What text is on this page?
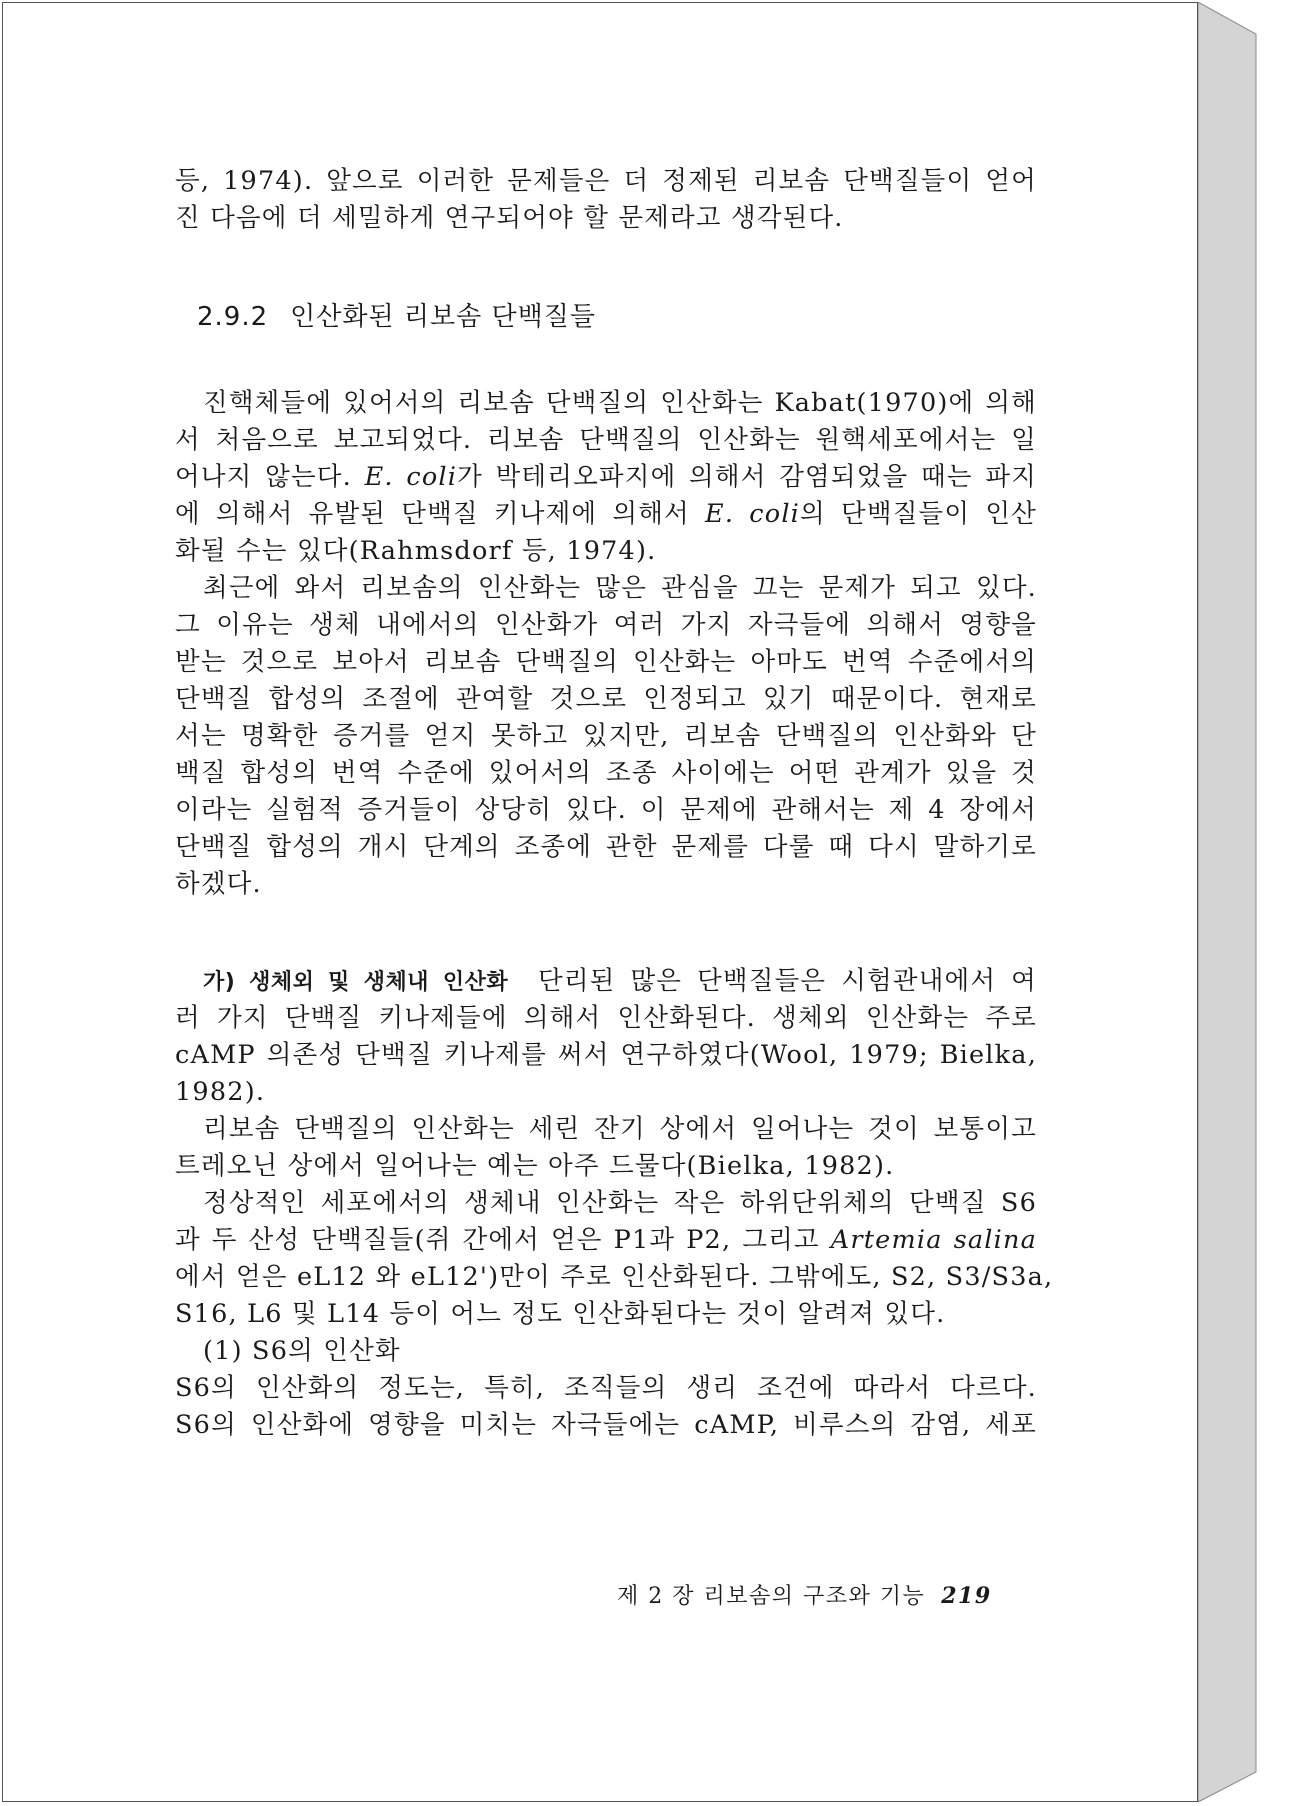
등, 1974). 앞으로 이러한 문제들은 더 정제된 리보솜 단백질들이 얻어
진 다음에 더 세밀하게 연구되어야 할 문제라고 생각된다.
2.9.2 인산화된 리보솜 단백질들
진핵체들에 있어서의 리보솜 단백질의 인산화는 Kabat(1970)에 의해
서 처음으로 보고되었다. 리보솜 단백질의 인산화는 원핵세포에서는 일
어나지 않는다. E. coli가 박테리오파지에 의해서 감염되었을 때는 파지
에 의해서 유발된 단백질 키나제에 의해서 E. coli의 단백질들이 인산
화될 수는 있다(Rahmsdorf 등, 1974).
최근에 와서 리보솜의 인산화는 많은 관심을 끄는 문제가 되고 있다.
그 이유는 생체 내에서의 인산화가 여러 가지 자극들에 의해서 영향을
받는 것으로 보아서 리보솜 단백질의 인산화는 아마도 번역 수준에서의
단백질 합성의 조절에 관여할 것으로 인정되고 있기 때문이다. 현재로
서는 명확한 증거를 얻지 못하고 있지만, 리보솜 단백질의 인산화와 단
백질 합성의 번역 수준에 있어서의 조종 사이에는 어떤 관계가 있을 것
이라는 실험적 증거들이 상당히 있다. 이 문제에 관해서는 제 4 장에서
단백질 합성의 개시 단계의 조종에 관한 문제를 다룰 때 다시 말하기로
하겠다.
가) 생체외 및 생체내 인산화 단리된 많은 단백질들은 시험관내에서 여
러 가지 단백질 키나제들에 의해서 인산화된다. 생체외 인산화는 주로
cAMP 의존성 단백질 키나제를 써서 연구하였다(Wool, 1979; Bielka,
1982).
리보솜 단백질의 인산화는 세린 잔기 상에서 일어나는 것이 보통이고
트레오닌 상에서 일어나는 예는 아주 드물다(Bielka, 1982).
정상적인 세포에서의 생체내 인산화는 작은 하위단위체의 단백질 S6
과 두 산성 단백질들(쥐 간에서 얻은 P1과 P2, 그리고 Artemia salina
에서 얻은 eL12 와 eL12')만이 주로 인산화된다. 그밖에도, S2, S3/S3a,
S16, L6 및 L14 등이 어느 정도 인산화된다는 것이 알려져 있다.
(1) S6의 인산화
S6의 인산화의 정도는, 특히, 조직들의 생리 조건에 따라서 다르다.
S6의 인산화에 영향을 미치는 자극들에는 cAMP, 비루스의 감염, 세포
제 2 장 리보솜의 구조와 기능 219
